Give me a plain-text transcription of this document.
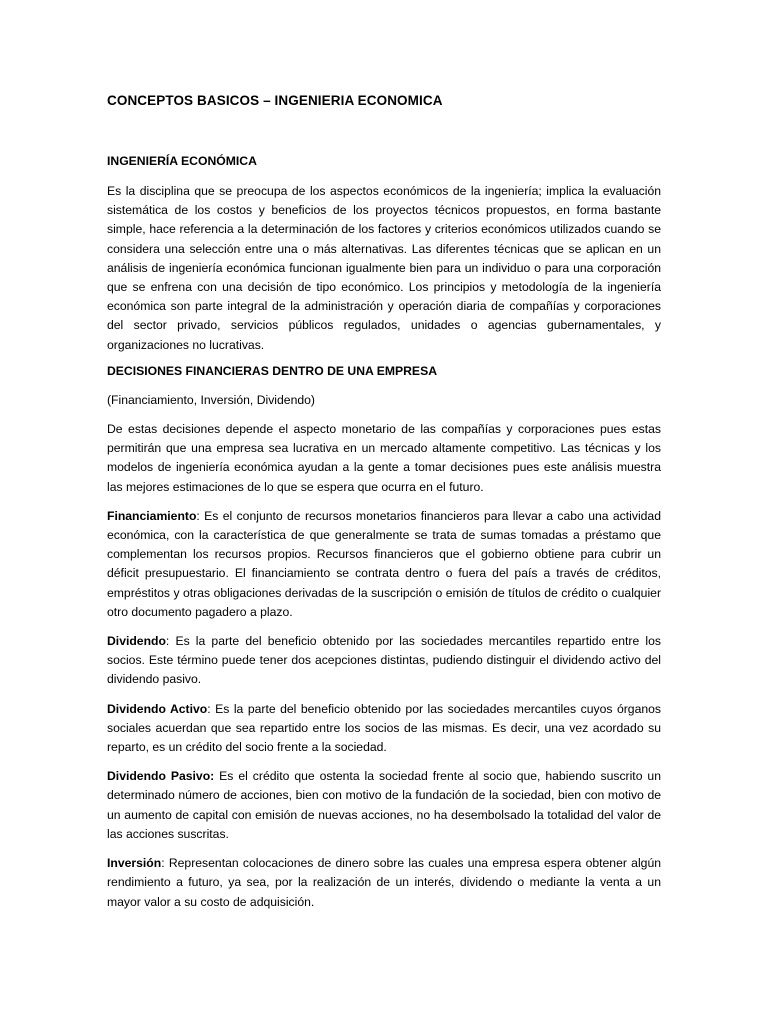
CONCEPTOS BASICOS – INGENIERIA ECONOMICA
INGENIERÍA ECONÓMICA

Es la disciplina que se preocupa de los aspectos económicos de la ingeniería; implica la evaluación sistemática de los costos y beneficios de los proyectos técnicos propuestos, en forma bastante simple, hace referencia a la determinación de los factores y criterios económicos utilizados cuando se considera una selección entre una o más alternativas. Las diferentes técnicas que se aplican en un análisis de ingeniería económica funcionan igualmente bien para un individuo o para una corporación que se enfrena con una decisión de tipo económico. Los principios y metodología de la ingeniería económica son parte integral de la administración y operación diaria de compañías y corporaciones del sector privado, servicios públicos regulados, unidades o agencias gubernamentales, y organizaciones no lucrativas.

DECISIONES FINANCIERAS DENTRO DE UNA EMPRESA

(Financiamiento, Inversión, Dividendo)

De estas decisiones depende el aspecto monetario de las compañías y corporaciones pues estas permitirán que una empresa sea lucrativa en un mercado altamente competitivo. Las técnicas y los modelos de ingeniería económica ayudan a la gente a tomar decisiones pues este análisis muestra las mejores estimaciones de lo que se espera que ocurra en el futuro.

Financiamiento: Es el conjunto de recursos monetarios financieros para llevar a cabo una actividad económica, con la característica de que generalmente se trata de sumas tomadas a préstamo que complementan los recursos propios. Recursos financieros que el gobierno obtiene para cubrir un déficit presupuestario. El financiamiento se contrata dentro o fuera del país a través de créditos, empréstitos y otras obligaciones derivadas de la suscripción o emisión de títulos de crédito o cualquier otro documento pagadero a plazo.

Dividendo: Es la parte del beneficio obtenido por las sociedades mercantiles repartido entre los socios. Este término puede tener dos acepciones distintas, pudiendo distinguir el dividendo activo del dividendo pasivo.

Dividendo Activo: Es la parte del beneficio obtenido por las sociedades mercantiles cuyos órganos sociales acuerdan que sea repartido entre los socios de las mismas. Es decir, una vez acordado su reparto, es un crédito del socio frente a la sociedad.

Dividendo Pasivo: Es el crédito que ostenta la sociedad frente al socio que, habiendo suscrito un determinado número de acciones, bien con motivo de la fundación de la sociedad, bien con motivo de un aumento de capital con emisión de nuevas acciones, no ha desembolsado la totalidad del valor de las acciones suscritas.

Inversión: Representan colocaciones de dinero sobre las cuales una empresa espera obtener algún rendimiento a futuro, ya sea, por la realización de un interés, dividendo o mediante la venta a un mayor valor a su costo de adquisición.
